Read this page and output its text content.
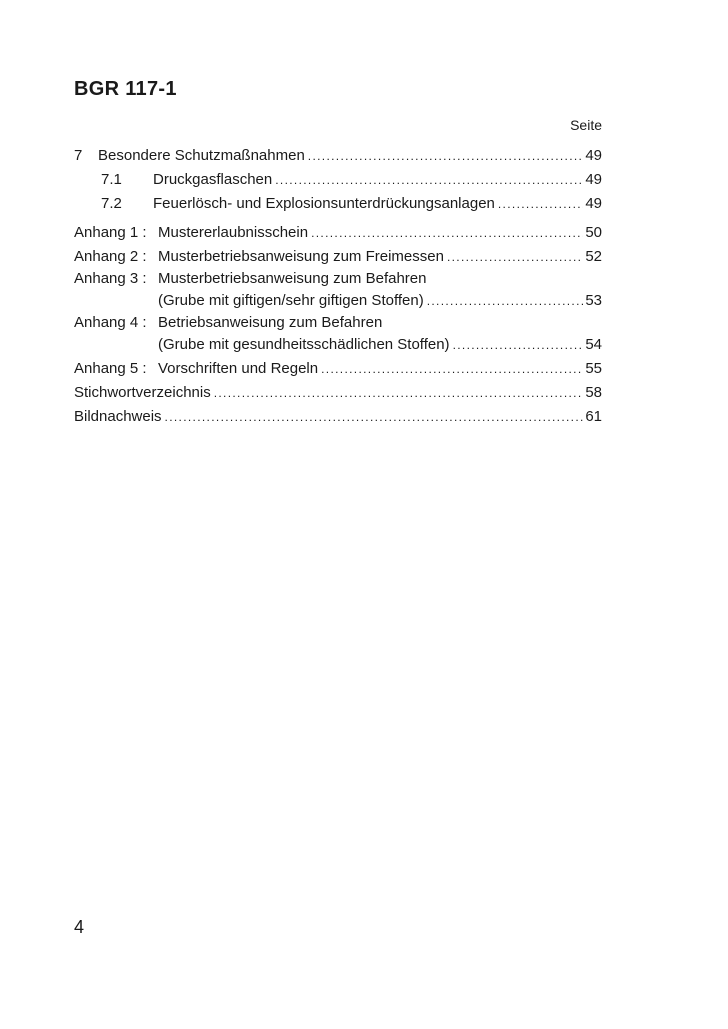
BGR 117-1
Seite
7	Besondere Schutzmaßnahmen . . .	49
7.1	Druckgasflaschen . . .	49
7.2	Feuerlösch- und Explosionsunterdrückungsanlagen . . .	49
Anhang 1 : Mustererlaubnisschein . . .	50
Anhang 2 : Musterbetriebsanweisung zum Freimessen . . .	52
Anhang 3 : Musterbetriebsanweisung zum Befahren
(Grube mit giftigen/sehr giftigen Stoffen) . . .	53
Anhang 4 : Betriebsanweisung zum Befahren
(Grube mit gesundheitsschädlichen Stoffen) . . .	54
Anhang 5 : Vorschriften und Regeln . . .	55
Stichwortverzeichnis . . .	58
Bildnachweis . . .	61
4
